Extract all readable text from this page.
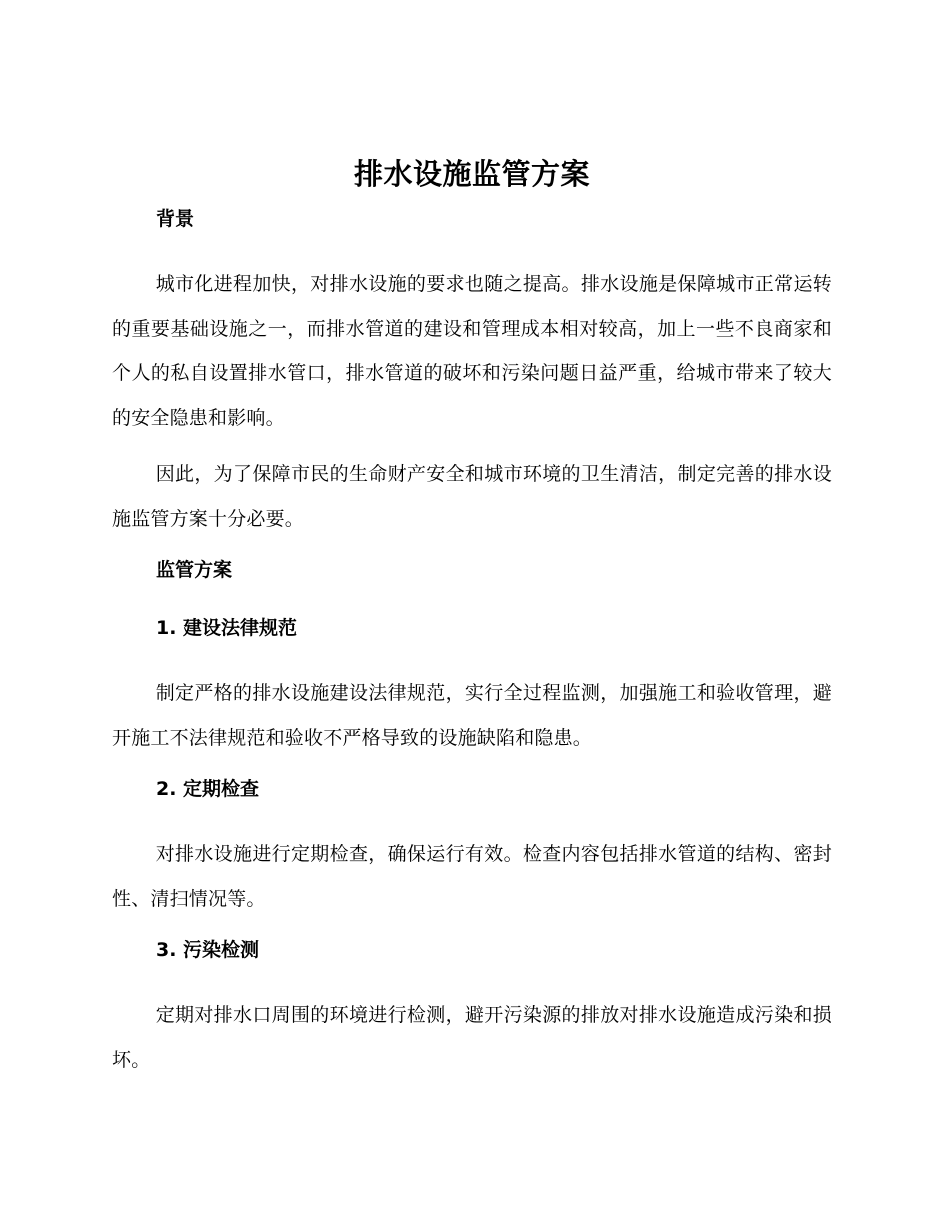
排水设施监管方案
背景

城市化进程加快，对排水设施的要求也随之提高。排水设施是保障城市正常运转的重要基础设施之一，而排水管道的建设和管理成本相对较高，加上一些不良商家和个人的私自设置排水管口，排水管道的破坏和污染问题日益严重，给城市带来了较大的安全隐患和影响。

因此，为了保障市民的生命财产安全和城市环境的卫生清洁，制定完善的排水设施监管方案十分必要。

监管方案
1. 建设法律规范

制定严格的排水设施建设法律规范，实行全过程监测，加强施工和验收管理，避开施工不法律规范和验收不严格导致的设施缺陷和隐患。

2. 定期检查

对排水设施进行定期检查，确保运行有效。检查内容包括排水管道的结构、密封性、清扫情况等。

3. 污染检测

定期对排水口周围的环境进行检测，避开污染源的排放对排水设施造成污染和损坏。
